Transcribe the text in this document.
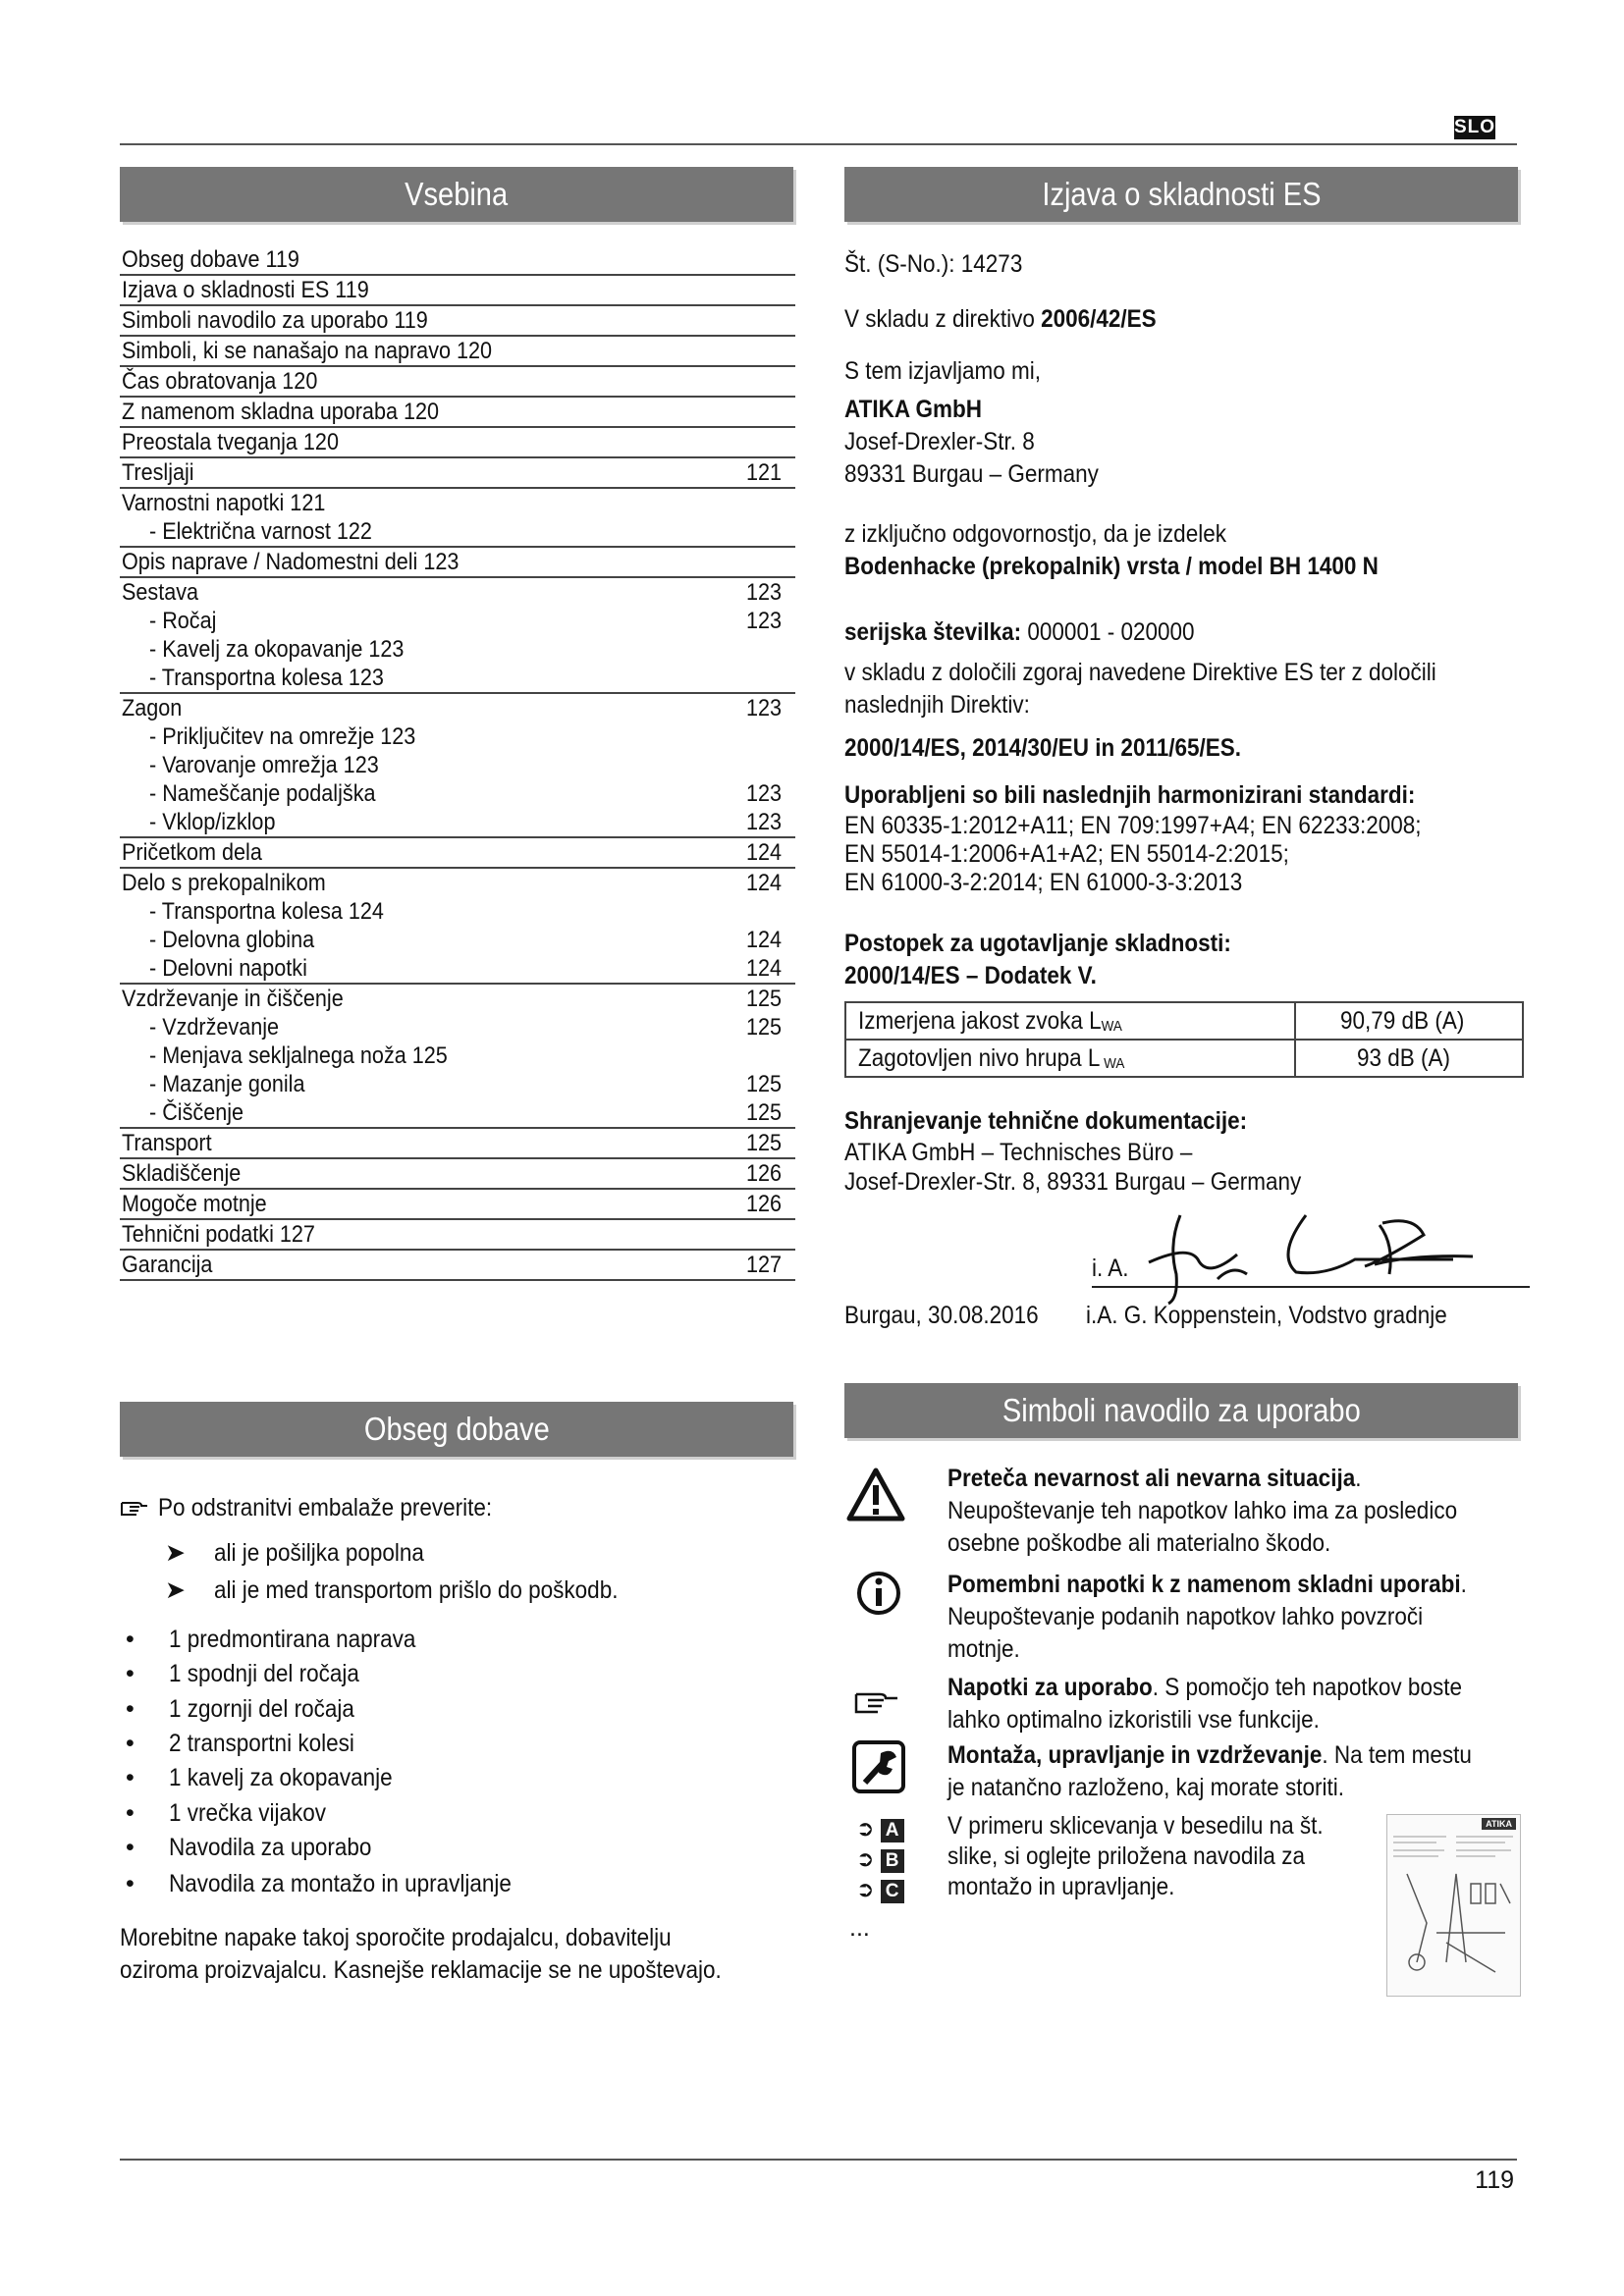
SLO
Vsebina
Obseg dobave 119
Izjava o skladnosti ES 119
Simboli navodilo za uporabo 119
Simboli, ki se nanašajo na napravo 120
Čas obratovanja 120
Z namenom skladna uporaba 120
Preostala tveganja 120
Tresljaji	121
Varnostni napotki 121
- Električna varnost 122
Opis naprave / Nadomestni deli 123
Sestava	123
- Ročaj	123
- Kavelj za okopavanje 123
- Transportna kolesa 123
Zagon	123
- Priključitev na omrežje 123
- Varovanje omrežja 123
- Nameščanje podaljška	123
- Vklop/izklop	123
Pričetkom dela	124
Delo s prekopalnikom	124
- Transportna kolesa 124
- Delovna globina	124
- Delovni napotki	124
Vzdrževanje in čiščenje	125
- Vzdrževanje	125
- Menjava sekljalnega noža 125
- Mazanje gonila	125
- Čiščenje	125
Transport	125
Skladiščenje	126
Mogoče motnje	126
Tehnični podatki 127
Garancija	127
Obseg dobave
Po odstranitvi embalaže preverite:
➤ ali je pošiljka popolna
➤ ali je med transportom prišlo do poškodb.
• 1 predmontirana naprava
• 1 spodnji del ročaja
• 1 zgornji del ročaja
• 2 transportni kolesi
• 1 kavelj za okopavanje
• 1 vrečka vijakov
• Navodila za uporabo
• Navodila za montažo in upravljanje
Morebitne napake takoj sporočite prodajalcu, dobavitelju
oziroma proizvajalcu. Kasnejše reklamacije se ne upoštevajo.
Izjava o skladnosti ES
Št. (S-No.): 14273
V skladu z direktivo 2006/42/ES
S tem izjavljamo mi,
ATIKA GmbH
Josef-Drexler-Str. 8
89331 Burgau – Germany
z izključno odgovornostjo, da je izdelek
Bodenhacke (prekopalnik) vrsta / model BH 1400 N
serijska številka: 000001 - 020000
v skladu z določili zgoraj navedene Direktive ES ter z določili
naslednjih Direktiv:
2000/14/ES, 2014/30/EU in 2011/65/ES.
Uporabljeni so bili naslednjih harmonizirani standardi:
EN 60335-1:2012+A11; EN 709:1997+A4; EN 62233:2008;
EN 55014-1:2006+A1+A2; EN 55014-2:2015;
EN 61000-3-2:2014; EN 61000-3-3:2013
Postopek za ugotavljanje skladnosti:
2000/14/ES – Dodatek V.
Izmerjena jakost zvoka $L_{WA}$	90,79 dB (A)
Zagotovljen nivo hrupa L $_{WA}$	93 dB (A)
Shranjevanje tehnične dokumentacije:
ATIKA GmbH – Technisches Büro –
Josef-Drexler-Str. 8, 89331 Burgau – Germany
i. A.
Burgau, 30.08.2016	i.A. G. Koppenstein, Vodstvo gradnje
Simboli navodilo za uporabo
Preteča nevarnost ali nevarna situacija.
Neupoštevanje teh napotkov lahko ima za posledico
osebne poškodbe ali materialno škodo.
Pomembni napotki k z namenom skladni uporabi.
Neupoštevanje podanih napotkov lahko povzroči
motnje.
Napotki za uporabo. S pomočjo teh napotkov boste
lahko optimalno izkoristili vse funkcije.
Montaža, upravljanje in vzdrževanje. Na tem mestu
je natančno razloženo, kaj morate storiti.
➲ A
➲ B
➲ C
...
V primeru sklicevanja v besedilu na št.
slike, si oglejte priložena navodila za
montažo in upravljanje.
ATIKA
119
